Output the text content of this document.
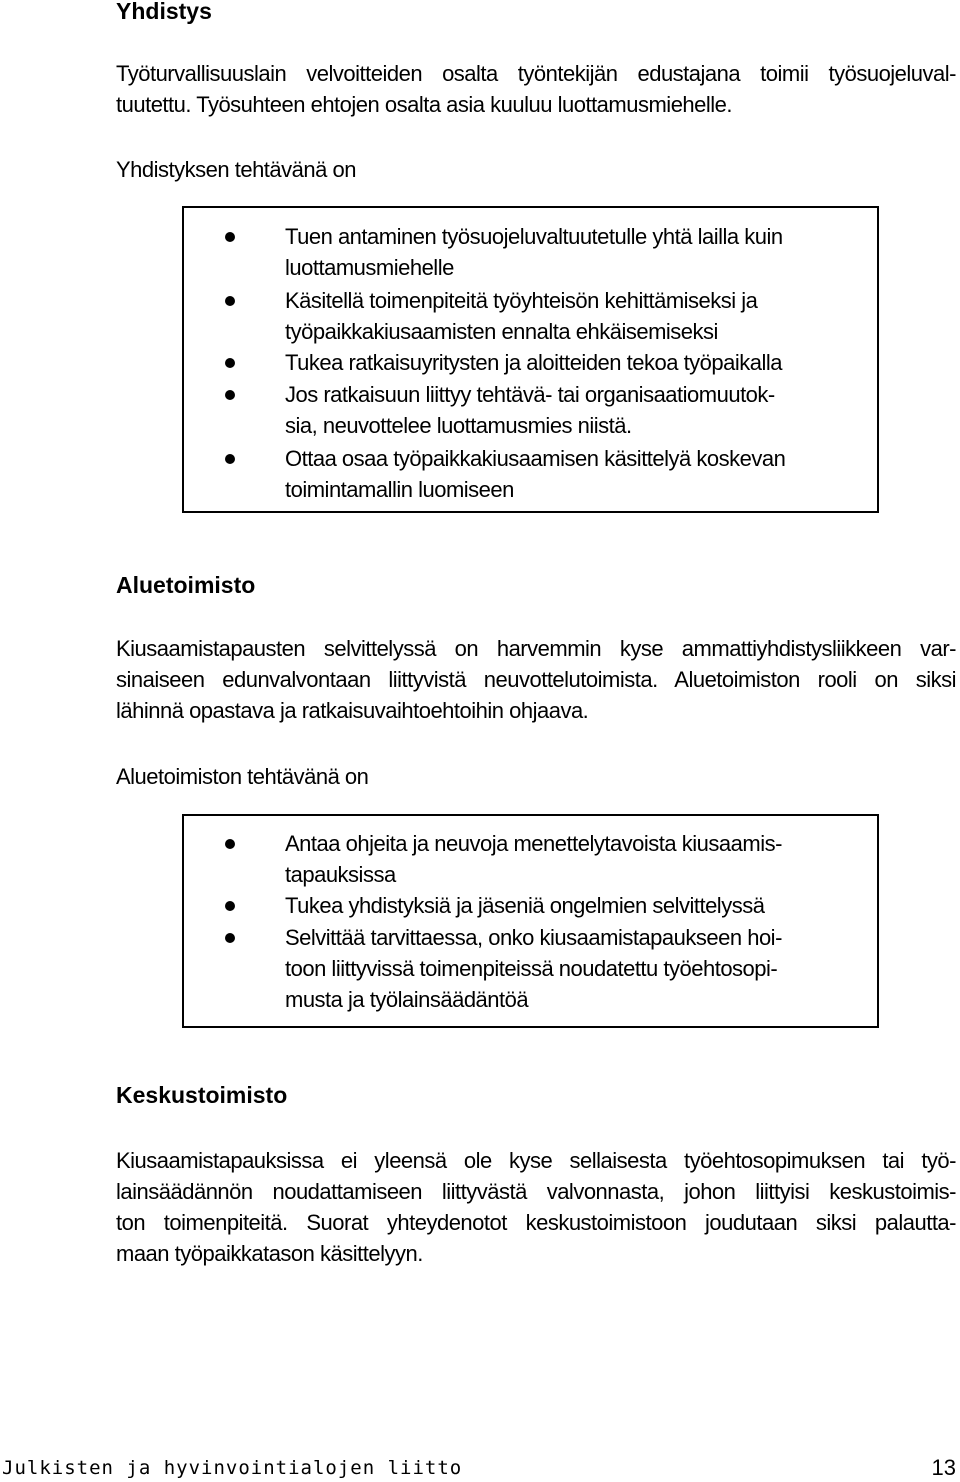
Yhdistys

Työturvallisuuslain velvoitteiden osalta työntekijän edustajana toimii työsuojeluval-
tuutettu. Työsuhteen ehtojen osalta asia kuuluu luottamusmiehelle.

Yhdistyksen tehtävänä on

Tuen antaminen työsuojeluvaltuutetulle yhtä lailla kuin
luottamusmiehelle

Käsitellä toimenpiteitä työyhteisön kehittämiseksi ja
työpaikkakiusaamisten ennalta ehkäisemiseksi

Tukea ratkaisuyritysten ja aloitteiden tekoa työpaikalla

Jos ratkaisuun liittyy tehtävä- tai organisaatiomuutok-
sia, neuvottelee luottamusmies niistä.

Ottaa osaa työpaikkakiusaamisen käsittelyä koskevan
toimintamallin luomiseen

Aluetoimisto

Kiusaamistapausten selvittelyssä on harvemmin kyse ammattiyhdistysliikkeen var-
sinaiseen edunvalvontaan liittyvistä neuvottelutoimista. Aluetoimiston rooli on siksi
lähinnä opastava ja ratkaisuvaihtoehtoihin ohjaava.

Aluetoimiston tehtävänä on

Antaa ohjeita ja neuvoja menettelytavoista kiusaamis-
tapauksissa

Tukea yhdistyksiä ja jäseniä ongelmien selvittelyssä

Selvittää tarvittaessa, onko kiusaamistapaukseen hoi-
toon liittyvissä toimenpiteissä noudatettu työehtosopi-
musta ja työlainsäädäntöä

Keskustoimisto

Kiusaamistapauksissa ei yleensä ole kyse sellaisesta työehtosopimuksen tai työ-
lainsäädännön noudattamiseen liittyvästä valvonnasta, johon liittyisi keskustoimis-
ton toimenpiteitä. Suorat yhteydenotot keskustoimistoon joudutaan siksi palautta-
maan työpaikkatason käsittelyyn.

Julkisten ja hyvinvointialojen liitto	13
